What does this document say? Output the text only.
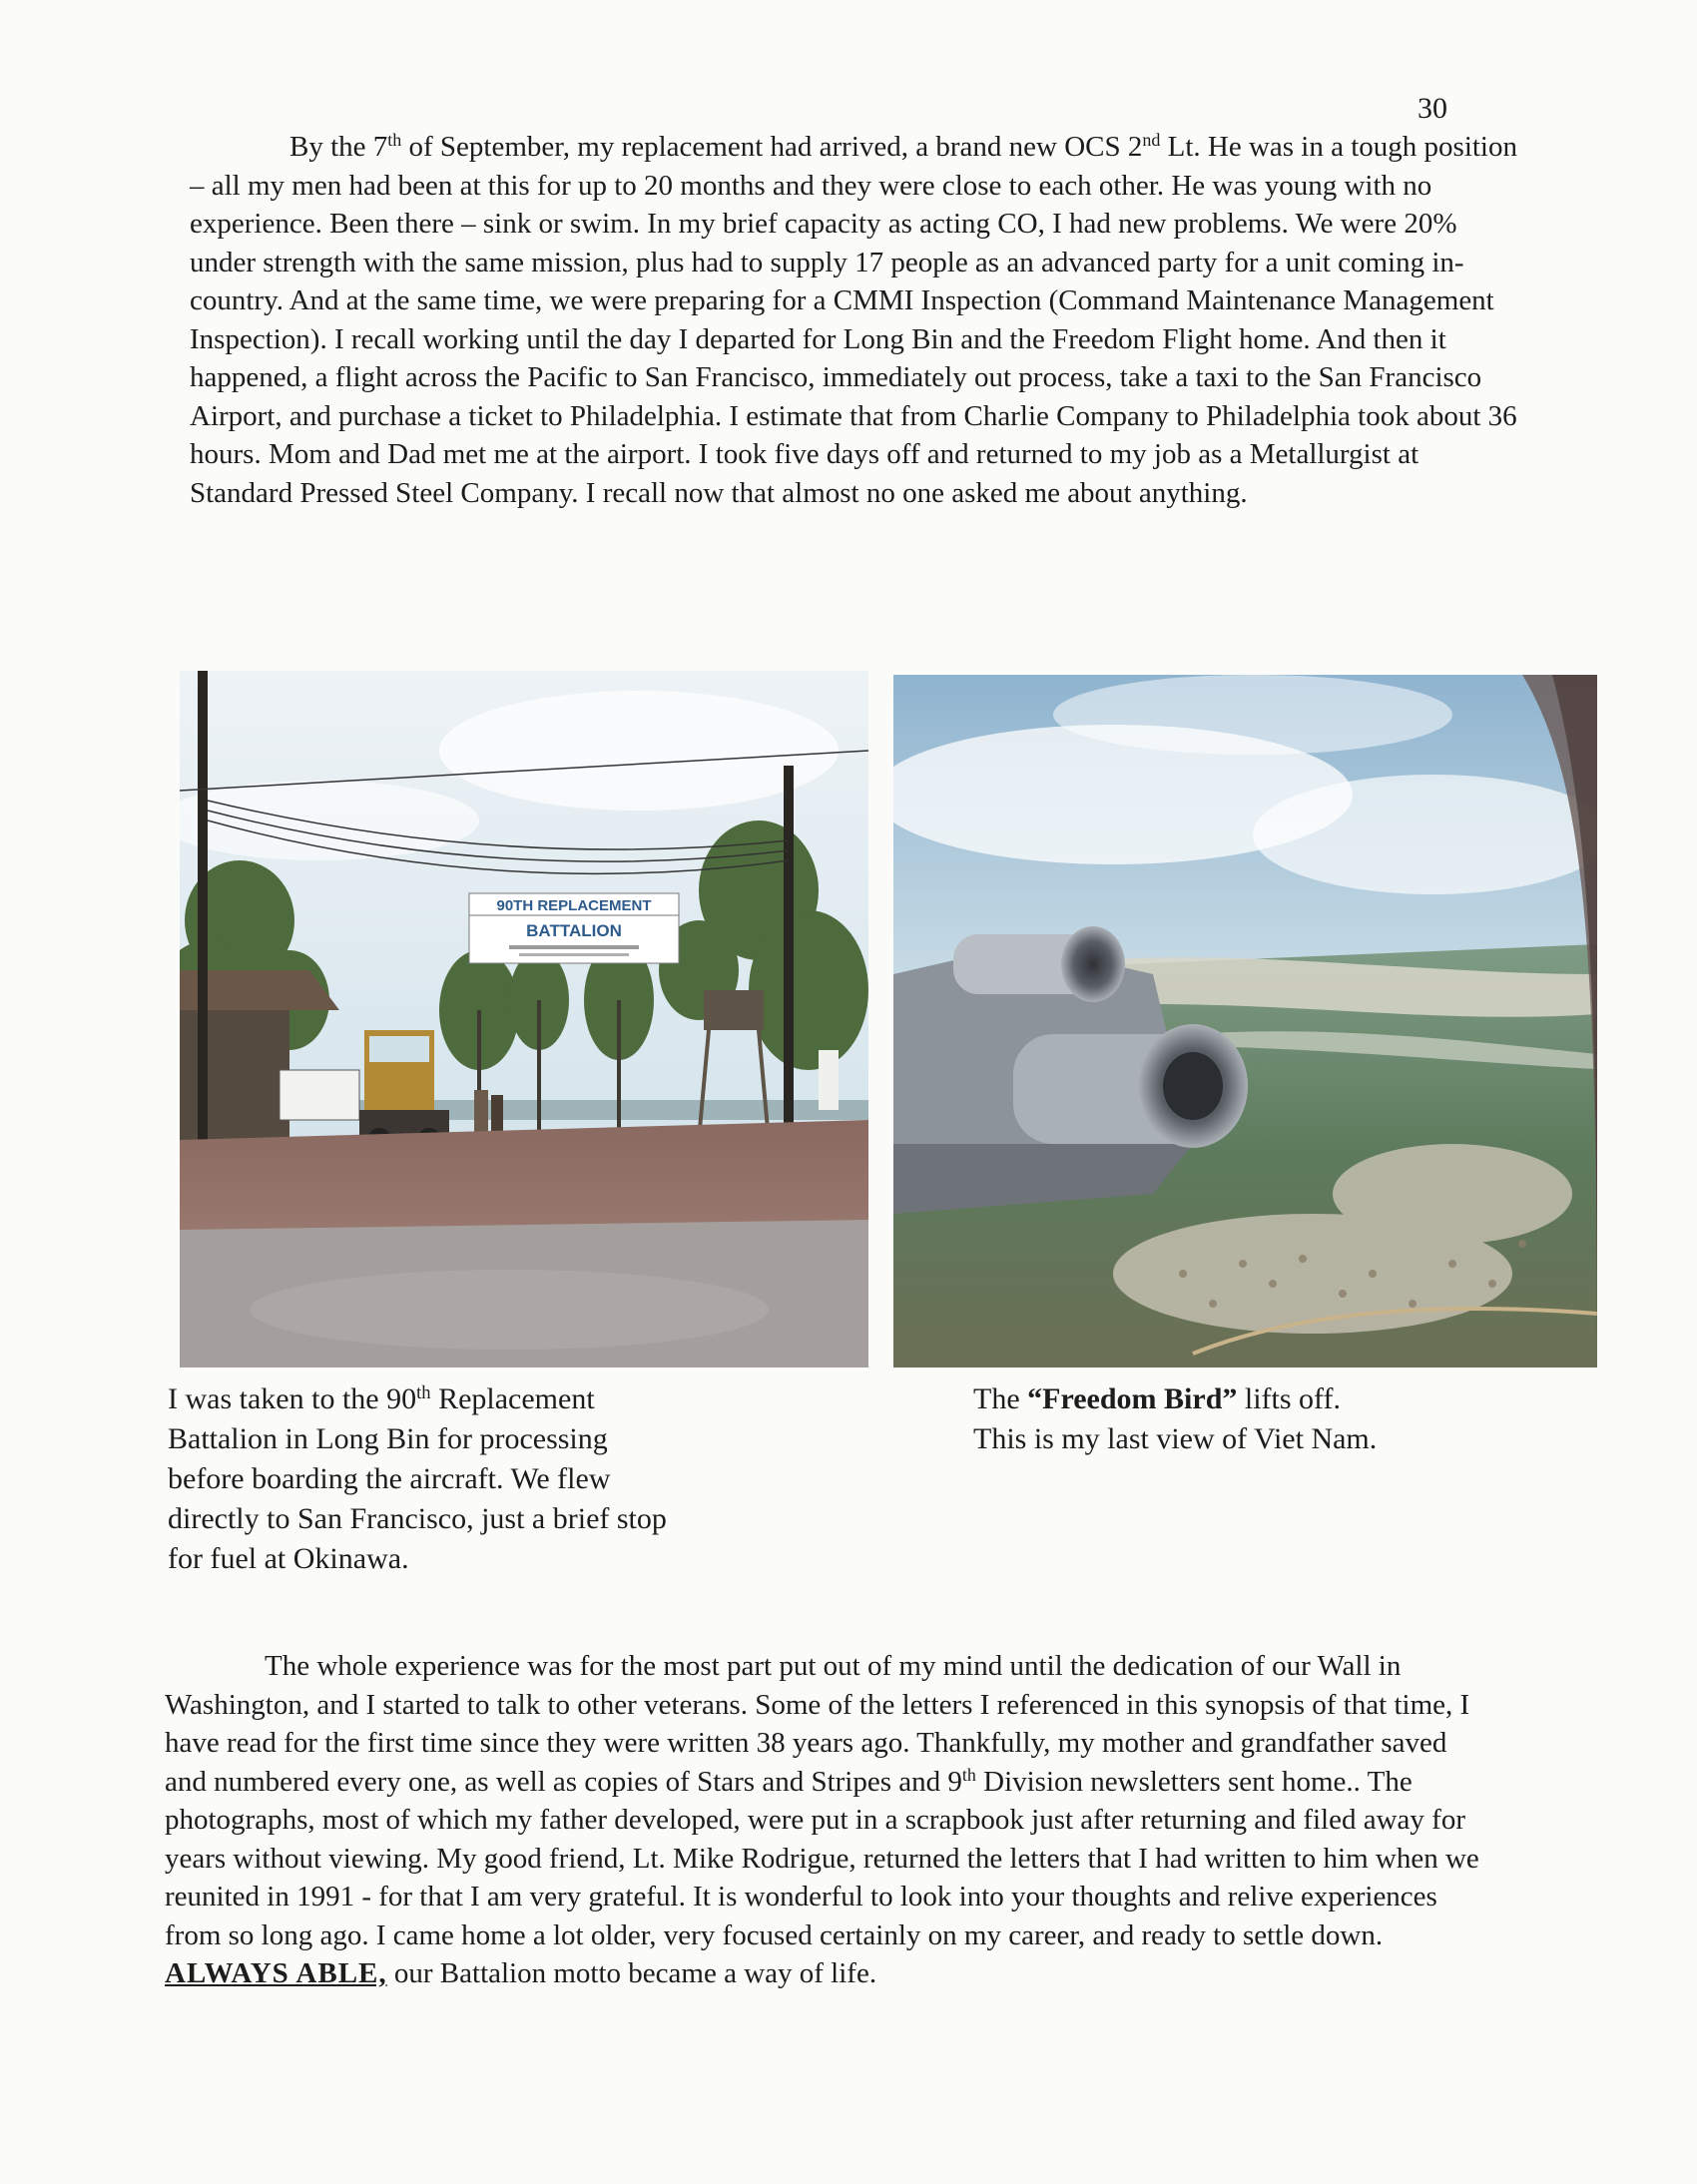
30

By the 7th of September, my replacement had arrived, a brand new OCS 2nd Lt. He was in a tough position – all my men had been at this for up to 20 months and they were close to each other. He was young with no experience. Been there – sink or swim. In my brief capacity as acting CO, I had new problems. We were 20% under strength with the same mission, plus had to supply 17 people as an advanced party for a unit coming in-country. And at the same time, we were preparing for a CMMI Inspection (Command Maintenance Management Inspection). I recall working until the day I departed for Long Bin and the Freedom Flight home. And then it happened, a flight across the Pacific to San Francisco, immediately out process, take a taxi to the San Francisco Airport, and purchase a ticket to Philadelphia. I estimate that from Charlie Company to Philadelphia took about 36 hours. Mom and Dad met me at the airport. I took five days off and returned to my job as a Metallurgist at Standard Pressed Steel Company. I recall now that almost no one asked me about anything.

90TH REPLACEMENT
BATTALION

I was taken to the 90th Replacement Battalion in Long Bin for processing before boarding the aircraft. We flew directly to San Francisco, just a brief stop for fuel at Okinawa.

The “Freedom Bird” lifts off.
This is my last view of Viet Nam.

The whole experience was for the most part put out of my mind until the dedication of our Wall in Washington, and I started to talk to other veterans. Some of the letters I referenced in this synopsis of that time, I have read for the first time since they were written 38 years ago. Thankfully, my mother and grandfather saved and numbered every one, as well as copies of Stars and Stripes and 9th Division newsletters sent home.. The photographs, most of which my father developed, were put in a scrapbook just after returning and filed away for years without viewing. My good friend, Lt. Mike Rodrigue, returned the letters that I had written to him when we reunited in 1991 - for that I am very grateful. It is wonderful to look into your thoughts and relive experiences from so long ago. I came home a lot older, very focused certainly on my career, and ready to settle down. ALWAYS ABLE, our Battalion motto became a way of life.
